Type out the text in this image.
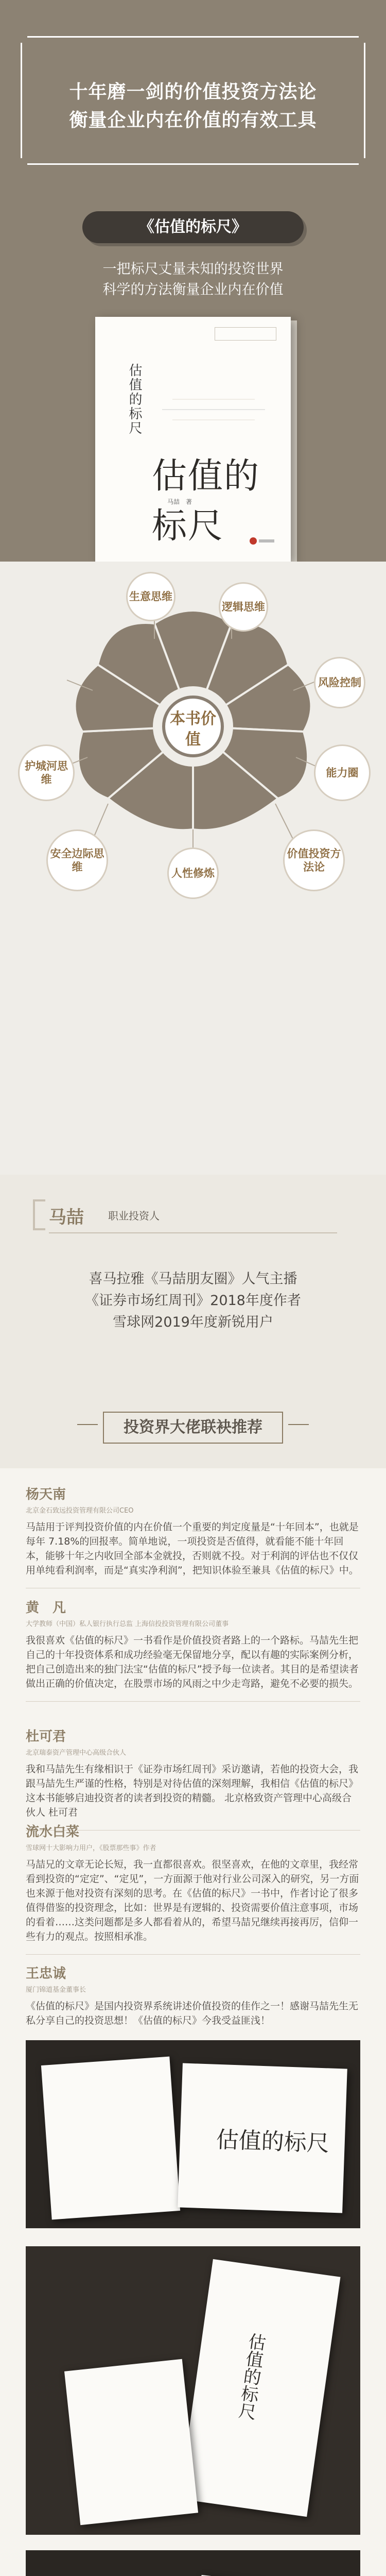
十年磨一剑的价值投资方法论
衡量企业内在价值的有效工具
《估值的标尺》
一把标尺丈量未知的投资世界
科学的方法衡量企业内在价值
估值的标尺
估值的标尺
马喆　著
本书价值
生意思维
逻辑思维
风险控制
能力圈
价值投资方法论
人性修炼
安全边际思维
护城河思维
马喆 职业投资人
喜马拉雅《马喆朋友圈》人气主播
《证券市场红周刊》2018年度作者
雪球网2019年度新锐用户
投资界大佬联袂推荐
杨天南
北京金石致远投资管理有限公司CEO
马喆用于评判投资价值的内在价值一个重要的判定度量是“十年回本”，也就是每年 7.18%的回报率。简单地说，一项投资是否值得，就看能不能十年回本，能够十年之内收回全部本金就投，否则就不投。对于利润的评估也不仅仅用单纯看利润率，而是“真实净利润”，把知识体验至兼具《估值的标尺》中。
黄　凡
大学教师（中国）私人银行执行总监 上海信投投资管理有限公司董事
我很喜欢《估值的标尺》一书看作是价值投资者路上的一个路标。马喆先生把自己的十年投资体系和成功经验毫无保留地分享，配以有趣的实际案例分析，把自己创造出来的独门法宝“估值的标尺”授予每一位读者。其目的是希望读者做出正确的价值决定，在股票市场的风雨之中少走弯路，避免不必要的损失。
杜可君
北京瑞泰资产管理中心高级合伙人
我和马喆先生有缘相识于《证券市场红周刊》采访邀请，若他的投资大会，我跟马喆先生严谨的性格，特别是对待估值的深刻理解，我相信《估值的标尺》这本书能够启迪投资者的读者到投资的精髓。 北京格致资产管理中心高级合伙人 杜可君
流水白菜
雪球网十大影响力用户，《股票那些事》作者
马喆兄的文章无论长短，我一直都很喜欢。很坚喜欢，在他的文章里，我经常看到投资的“定定”、“定见”，一方面源于他对行业公司深入的研究，另一方面也来源于他对投资有深刻的思考。在《估值的标尺》一书中，作者讨论了很多值得借鉴的投资理念，比如：世界是有逻辑的、投资需要价值注意事项，市场的看着……这类问题都是多人都看着从的，希望马喆兄继续再接再厉，信仰一些有力的观点。按照相承准。
王忠诚
厦门锦道基金董事长
《估值的标尺》是国内投资界系统讲述价值投资的佳作之一！感谢马喆先生无私分享自己的投资思想！《估值的标尺》今我受益匪浅！
估值的标尺
估值的标尺
